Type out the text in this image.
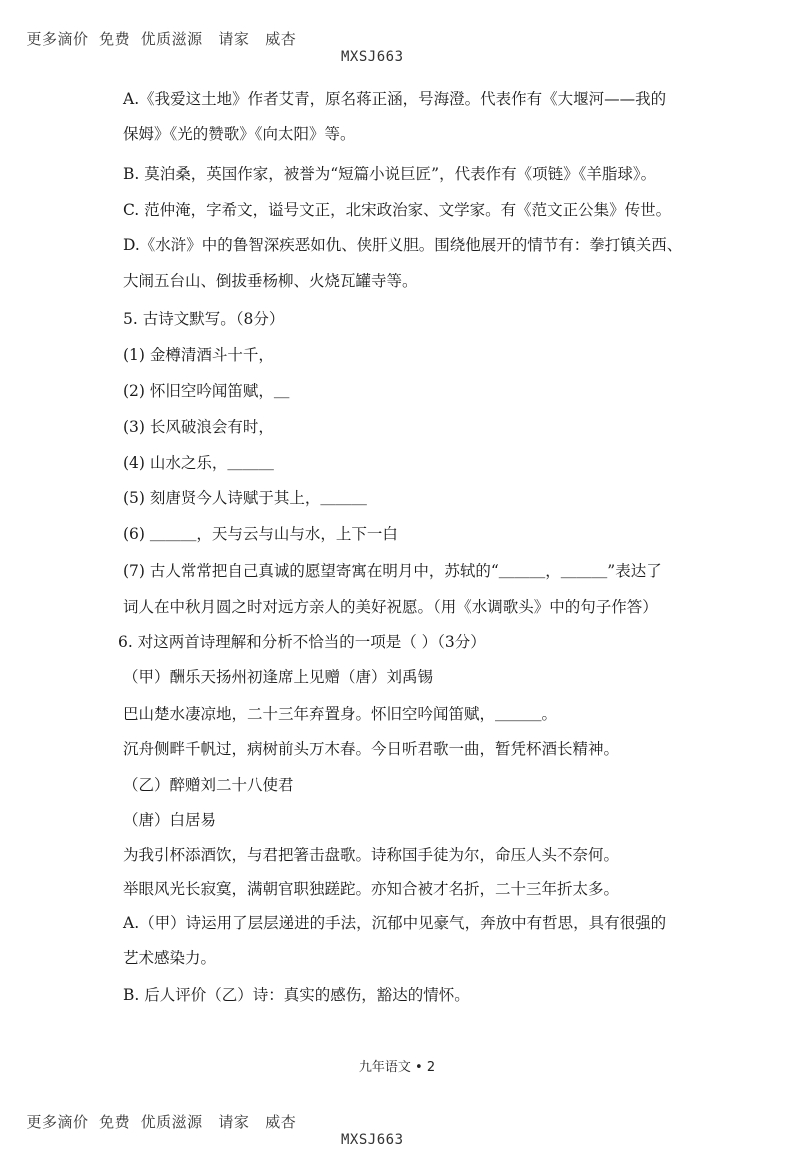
更多滴价  免费  优质滋源   请家   威杏

MXSJ663

A.《我爱这土地》作者艾青，原名蒋正涵，号海澄。代表作有《大堰河——我的
保姆》《光的赞歌》《向太阳》等。
B. 莫泊桑，英国作家，被誉为“短篇小说巨匠”，代表作有《项链》《羊脂球》。
C. 范仲淹，字希文，谥号文正，北宋政治家、文学家。有《范文正公集》传世。
D.《水浒》中的鲁智深疾恶如仇、侠肝义胆。围绕他展开的情节有：拳打镇关西、
大闹五台山、倒拔垂杨柳、火烧瓦罐寺等。
5. 古诗文默写。（8分）
(1) 金樽清酒斗十千，
(2) 怀旧空吟闻笛赋，＿
(3) 长风破浪会有时，
(4) 山水之乐，＿＿＿
(5) 刻唐贤今人诗赋于其上，＿＿＿
(6) ＿＿＿，天与云与山与水，上下一白
(7) 古人常常把自己真诚的愿望寄寓在明月中，苏轼的“＿＿＿，＿＿＿”表达了
词人在中秋月圆之时对远方亲人的美好祝愿。（用《水调歌头》中的句子作答）
6. 对这两首诗理解和分析不恰当的一项是（ ）（3分）
（甲）酬乐天扬州初逢席上见赠（唐）刘禹锡
巴山楚水凄凉地，二十三年弃置身。怀旧空吟闻笛赋，＿＿＿。
沉舟侧畔千帆过，病树前头万木春。今日听君歌一曲，暂凭杯酒长精神。
（乙）醉赠刘二十八使君
（唐）白居易
为我引杯添酒饮，与君把箸击盘歌。诗称国手徒为尔，命压人头不奈何。
举眼风光长寂寞，满朝官职独蹉跎。亦知合被才名折，二十三年折太多。
A.（甲）诗运用了层层递进的手法，沉郁中见豪气，奔放中有哲思，具有很强的
艺术感染力。
B. 后人评价（乙）诗：真实的感伤，豁达的情怀。
九年语文 • 2

更多滴价  免费  优质滋源   请家   威杏

MXSJ663
